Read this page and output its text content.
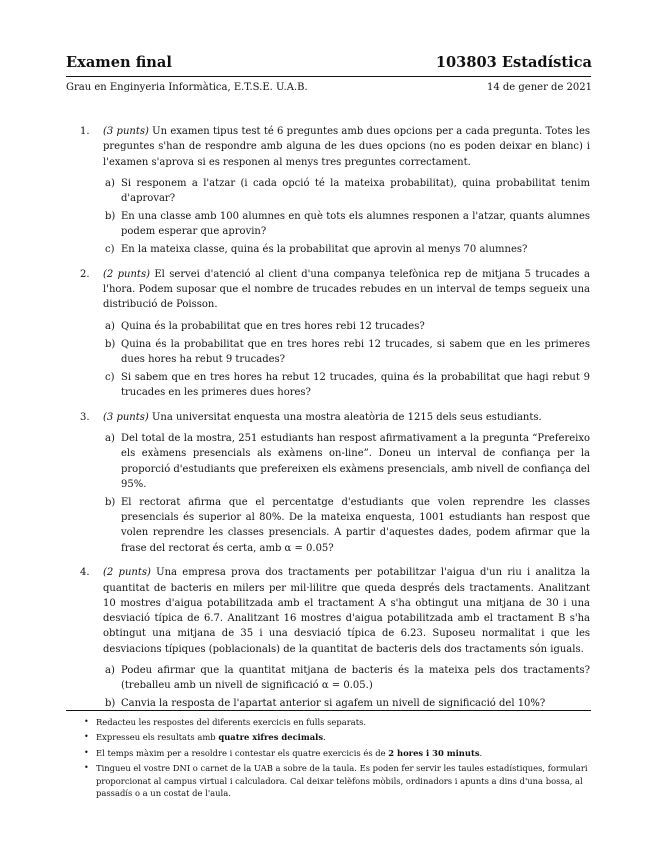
Examen final	103803 Estadística
Grau en Enginyeria Informàtica, E.T.S.E. U.A.B.	14 de gener de 2021
1. (3 punts) Un examen tipus test té 6 preguntes amb dues opcions per a cada pregunta. Totes les preguntes s'han de respondre amb alguna de les dues opcions (no es poden deixar en blanc) i l'examen s'aprova si es responen al menys tres preguntes correctament.
a) Si responem a l'atzar (i cada opció té la mateixa probabilitat), quina probabilitat tenim d'aprovar?
b) En una classe amb 100 alumnes en què tots els alumnes responen a l'atzar, quants alumnes podem esperar que aprovin?
c) En la mateixa classe, quina és la probabilitat que aprovin al menys 70 alumnes?
2. (2 punts) El servei d'atenció al client d'una companya telefònica rep de mitjana 5 trucades a l'hora. Podem suposar que el nombre de trucades rebudes en un interval de temps segueix una distribució de Poisson.
a) Quina és la probabilitat que en tres hores rebi 12 trucades?
b) Quina és la probabilitat que en tres hores rebi 12 trucades, si sabem que en les primeres dues hores ha rebut 9 trucades?
c) Si sabem que en tres hores ha rebut 12 trucades, quina és la probabilitat que hagi rebut 9 trucades en les primeres dues hores?
3. (3 punts) Una universitat enquesta una mostra aleatòria de 1215 dels seus estudiants.
a) Del total de la mostra, 251 estudiants han respost afirmativament a la pregunta “Prefereixo els exàmens presencials als exàmens on-line”. Doneu un interval de confiança per la proporció d'estudiants que prefereixen els exàmens presencials, amb nivell de confiança del 95%.
b) El rectorat afirma que el percentatge d'estudiants que volen reprendre les classes presencials és superior al 80%. De la mateixa enquesta, 1001 estudiants han respost que volen reprendre les classes presencials. A partir d'aquestes dades, podem afirmar que la frase del rectorat és certa, amb α = 0.05?
4. (2 punts) Una empresa prova dos tractaments per potabilitzar l'aigua d'un riu i analitza la quantitat de bacteris en milers per mil·lilitre que queda després dels tractaments. Analitzant 10 mostres d'aigua potabilitzada amb el tractament A s'ha obtingut una mitjana de 30 i una desviació típica de 6.7. Analitzant 16 mostres d'aigua potabilitzada amb el tractament B s'ha obtingut una mitjana de 35 i una desviació típica de 6.23. Suposeu normalitat i que les desviacions típiques (poblacionals) de la quantitat de bacteris dels dos tractaments són iguals.
a) Podeu afirmar que la quantitat mitjana de bacteris és la mateixa pels dos tractaments? (treballeu amb un nivell de significació α = 0.05.)
b) Canvia la resposta de l'apartat anterior si agafem un nivell de significació del 10%?
• Redacteu les respostes del diferents exercicis en fulls separats.
• Expresseu els resultats amb quatre xifres decimals.
• El temps màxim per a resoldre i contestar els quatre exercicis és de 2 hores i 30 minuts.
• Tingueu el vostre DNI o carnet de la UAB a sobre de la taula. Es poden fer servir les taules estadístiques, formulari proporcionat al campus virtual i calculadora. Cal deixar telèfons mòbils, ordinadors i apunts a dins d'una bossa, al passadís o a un costat de l'aula.
